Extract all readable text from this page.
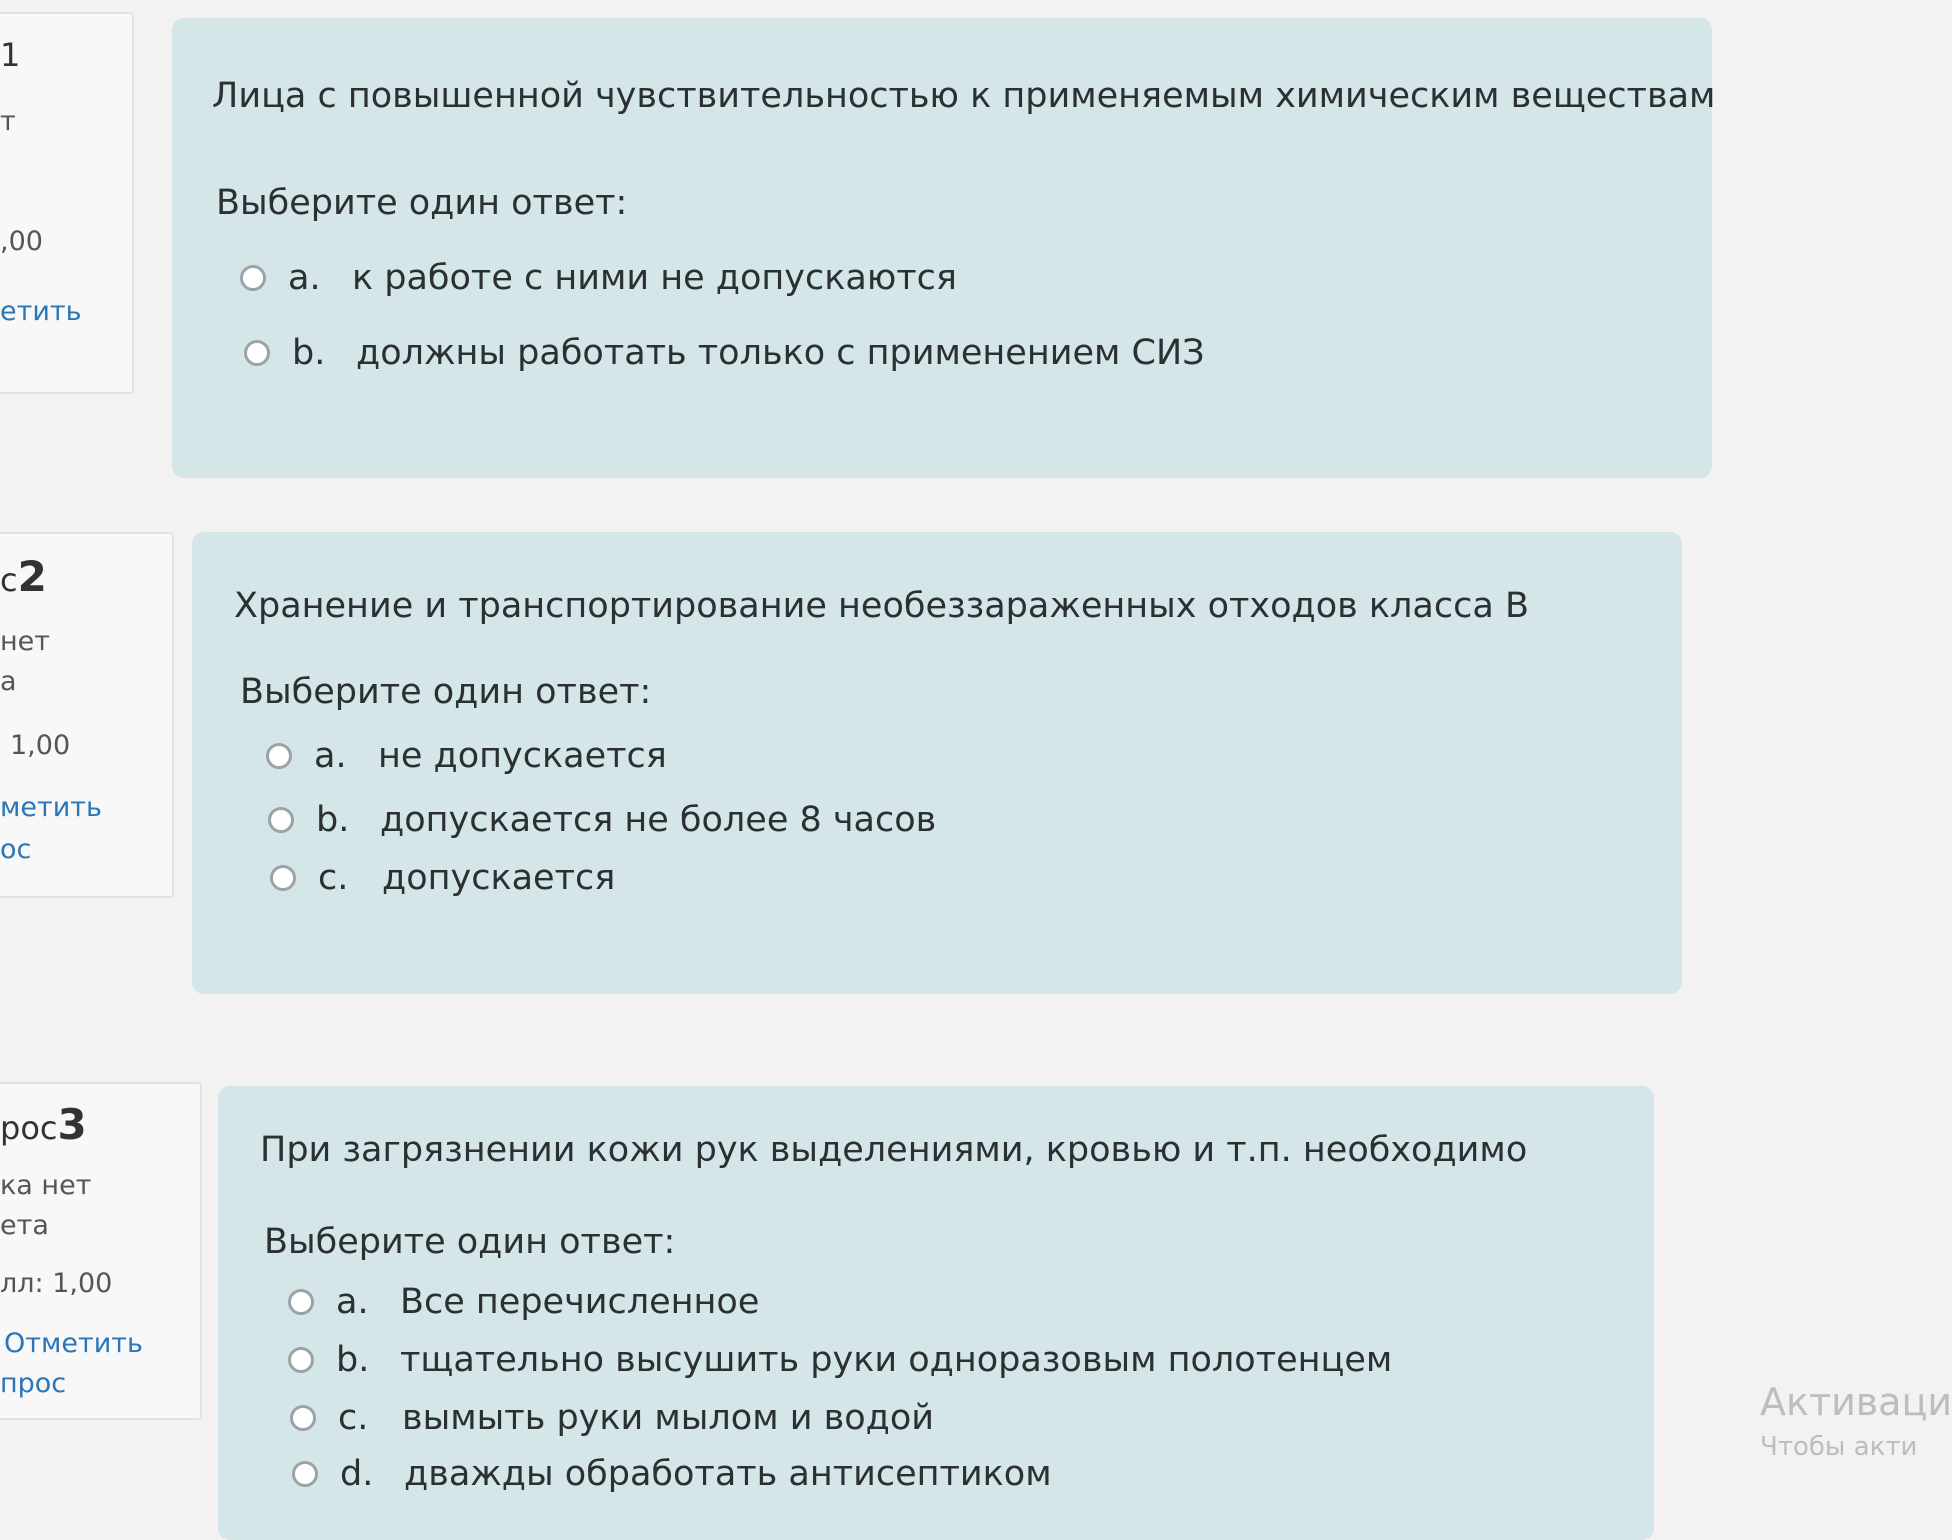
1
т
,00
етить
Лица с повышенной чувствительностью к применяемым химическим веществам
Выберите один ответ:
a. к работе с ними не допускаются
b. должны работать только с применением СИЗ
с2
нет
а
1,00
метить
ос
Хранение и транспортирование необеззараженных отходов класса В
Выберите один ответ:
a. не допускается
b. допускается не более 8 часов
c. допускается
рос3
ка нет
ета
лл: 1,00
Отметить
прос
При загрязнении кожи рук выделениями, кровью и т.п. необходимо
Выберите один ответ:
a. Все перечисленное
b. тщательно высушить руки одноразовым полотенцем
c. вымыть руки мылом и водой
d. дважды обработать антисептиком
Активаци
Чтобы акти
